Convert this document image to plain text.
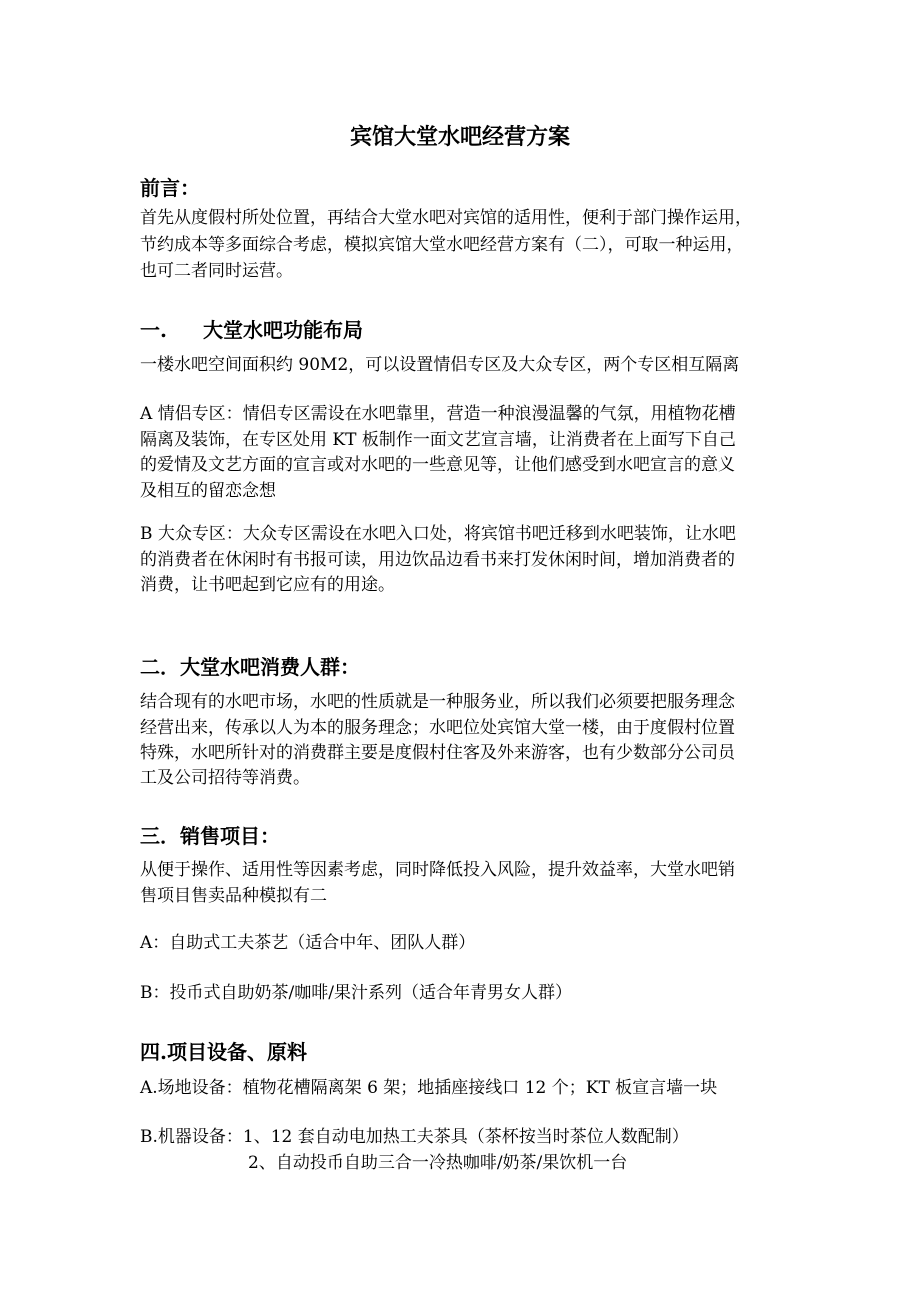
宾馆大堂水吧经营方案
前言：
首先从度假村所处位置，再结合大堂水吧对宾馆的适用性，便利于部门操作运用，
节约成本等多面综合考虑，模拟宾馆大堂水吧经营方案有（二），可取一种运用，
也可二者同时运营。
一. 大堂水吧功能布局
一楼水吧空间面积约 90M2，可以设置情侣专区及大众专区，两个专区相互隔离
A 情侣专区：情侣专区需设在水吧靠里，营造一种浪漫温馨的气氛，用植物花槽
隔离及装饰，在专区处用 KT 板制作一面文艺宣言墙，让消费者在上面写下自己
的爱情及文艺方面的宣言或对水吧的一些意见等，让他们感受到水吧宣言的意义
及相互的留恋念想
B 大众专区：大众专区需设在水吧入口处，将宾馆书吧迁移到水吧装饰，让水吧
的消费者在休闲时有书报可读，用边饮品边看书来打发休闲时间，增加消费者的
消费，让书吧起到它应有的用途。
二．大堂水吧消费人群：
结合现有的水吧市场，水吧的性质就是一种服务业，所以我们必须要把服务理念
经营出来，传承以人为本的服务理念；水吧位处宾馆大堂一楼，由于度假村位置
特殊，水吧所针对的消费群主要是度假村住客及外来游客，也有少数部分公司员
工及公司招待等消费。
三．销售项目：
从便于操作、适用性等因素考虑，同时降低投入风险，提升效益率，大堂水吧销
售项目售卖品种模拟有二
A：自助式工夫茶艺（适合中年、团队人群）
B：投币式自助奶茶/咖啡/果汁系列（适合年青男女人群）
四.项目设备、原料
A.场地设备：植物花槽隔离架 6 架；地插座接线口 12 个；KT 板宣言墙一块
B.机器设备：1、12 套自动电加热工夫茶具（茶杯按当时茶位人数配制）
2、自动投币自助三合一冷热咖啡/奶茶/果饮机一台
